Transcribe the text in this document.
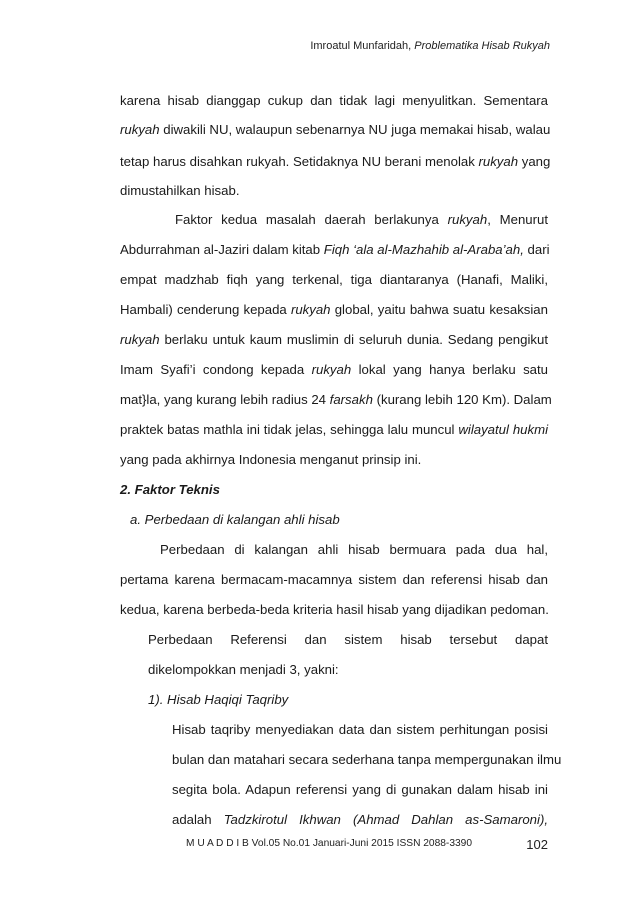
Imroatul Munfaridah, Problematika Hisab Rukyah
karena hisab dianggap cukup dan tidak lagi menyulitkan. Sementara
rukyah diwakili NU, walaupun sebenarnya NU juga memakai hisab, walau
tetap harus disahkan rukyah. Setidaknya NU berani menolak rukyah yang
dimustahilkan hisab.
Faktor kedua masalah daerah berlakunya rukyah, Menurut
Abdurrahman al-Jaziri dalam kitab Fiqh ‘ala al-Mazhahib al-Araba’ah, dari
empat madzhab fiqh yang terkenal, tiga diantaranya (Hanafi, Maliki,
Hambali) cenderung kepada rukyah global, yaitu bahwa suatu kesaksian
rukyah berlaku untuk kaum muslimin di seluruh dunia. Sedang pengikut
Imam Syafi’i condong kepada rukyah lokal yang hanya berlaku satu
mat}la, yang kurang lebih radius 24 farsakh (kurang lebih 120 Km). Dalam
praktek batas mathla ini tidak jelas, sehingga lalu muncul wilayatul hukmi
yang pada akhirnya Indonesia menganut prinsip ini.
2. Faktor Teknis
a. Perbedaan di kalangan ahli hisab
Perbedaan di kalangan ahli hisab bermuara pada dua hal,
pertama karena bermacam-macamnya sistem dan referensi hisab dan
kedua, karena berbeda-beda kriteria hasil hisab yang dijadikan pedoman.
Perbedaan Referensi dan sistem hisab tersebut dapat
dikelompokkan menjadi 3, yakni:
1). Hisab Haqiqi Taqriby
Hisab taqriby menyediakan data dan sistem perhitungan posisi
bulan dan matahari secara sederhana tanpa mempergunakan ilmu
segita bola. Adapun referensi yang di gunakan dalam hisab ini
adalah Tadzkirotul Ikhwan (Ahmad Dahlan as-Samaroni),
M U A D D I B Vol.05 No.01 Januari-Juni 2015 ISSN 2088-3390	102
